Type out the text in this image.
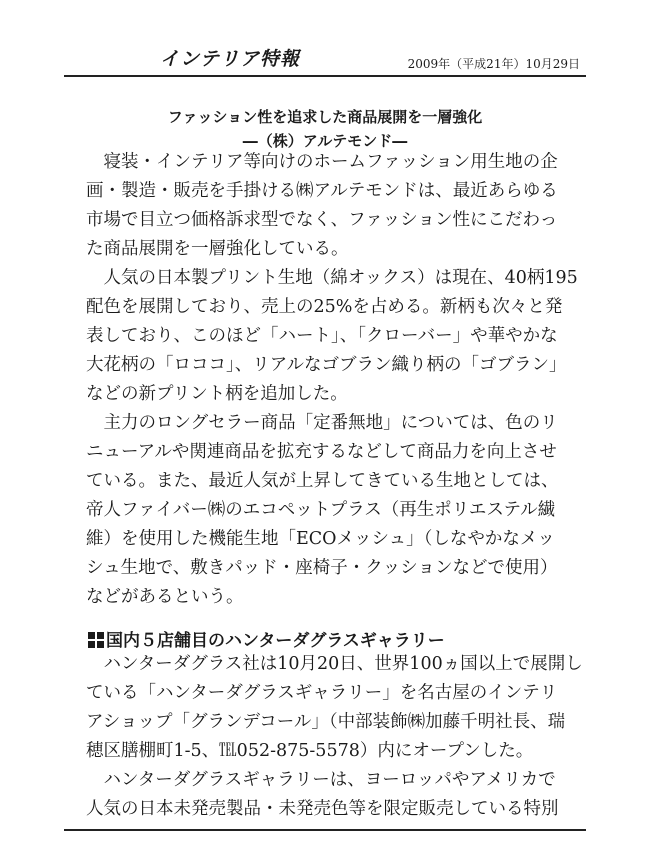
インテリア特報	2009年（平成21年）10月29日
ファッション性を追求した商品展開を一層強化
―（株）アルテモンド―
　寝装・インテリア等向けのホームファッション用生地の企
画・製造・販売を手掛ける㈱アルテモンドは、最近あらゆる
市場で目立つ価格訴求型でなく、ファッション性にこだわっ
た商品展開を一層強化している。
　人気の日本製プリント生地（綿オックス）は現在、40柄195
配色を展開しており、売上の25%を占める。新柄も次々と発
表しており、このほど「ハート」、「クローバー」や華やかな
大花柄の「ロココ」、リアルなゴブラン織り柄の「ゴブラン」
などの新プリント柄を追加した。
　主力のロングセラー商品「定番無地」については、色のリ
ニューアルや関連商品を拡充するなどして商品力を向上させ
ている。また、最近人気が上昇してきている生地としては、
帝人ファイバー㈱のエコペットプラス（再生ポリエステル繊
維）を使用した機能生地「ECOメッシュ」（しなやかなメッ
シュ生地で、敷きパッド・座椅子・クッションなどで使用）
などがあるという。
国内５店舗目のハンターダグラスギャラリー
　ハンターダグラス社は10月20日、世界100ヵ国以上で展開し
ている「ハンターダグラスギャラリー」を名古屋のインテリ
アショップ「グランデコール」（中部装飾㈱加藤千明社長、瑞
穂区膳棚町1-5、℡052-875-5578）内にオープンした。
　ハンターダグラスギャラリーは、ヨーロッパやアメリカで
人気の日本未発売製品・未発売色等を限定販売している特別
